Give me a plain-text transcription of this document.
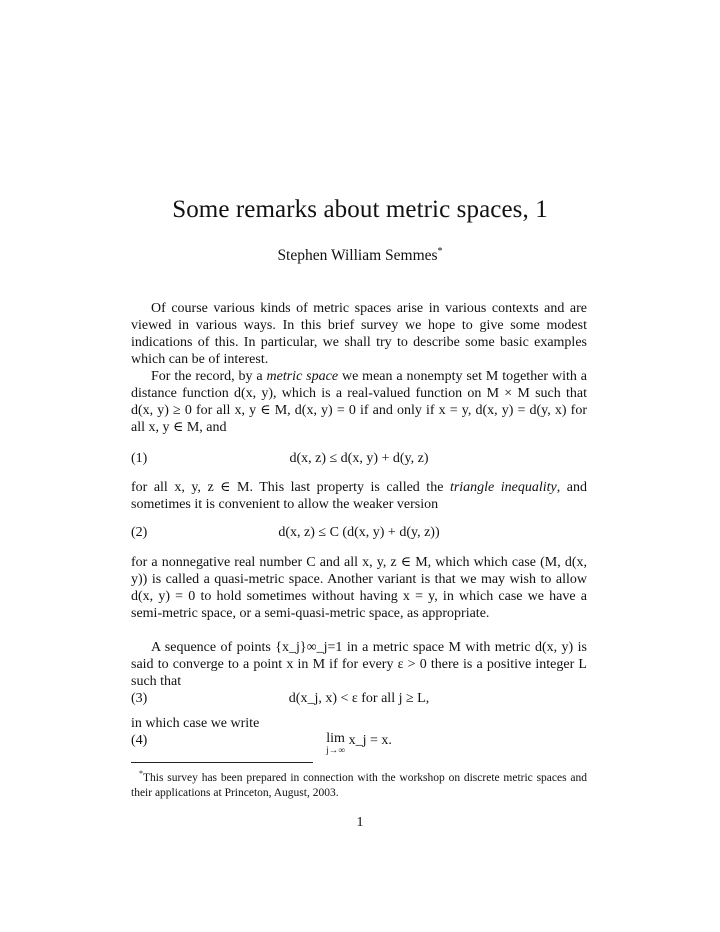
Some remarks about metric spaces, 1
Stephen William Semmes*
Of course various kinds of metric spaces arise in various contexts and are viewed in various ways. In this brief survey we hope to give some modest indications of this. In particular, we shall try to describe some basic examples which can be of interest.
For the record, by a metric space we mean a nonempty set M together with a distance function d(x, y), which is a real-valued function on M × M such that d(x, y) ≥ 0 for all x, y ∈ M, d(x, y) = 0 if and only if x = y, d(x, y) = d(y, x) for all x, y ∈ M, and
(1)	d(x, z) ≤ d(x, y) + d(y, z)
for all x, y, z ∈ M. This last property is called the triangle inequality, and sometimes it is convenient to allow the weaker version
(2)	d(x, z) ≤ C (d(x, y) + d(y, z))
for a nonnegative real number C and all x, y, z ∈ M, which which case (M, d(x, y)) is called a quasi-metric space. Another variant is that we may wish to allow d(x, y) = 0 to hold sometimes without having x = y, in which case we have a semi-metric space, or a semi-quasi-metric space, as appropriate.
A sequence of points {x_j}∞_j=1 in a metric space M with metric d(x, y) is said to converge to a point x in M if for every ε > 0 there is a positive integer L such that
(3)	d(x_j, x) < ε for all j ≥ L,
in which case we write
(4)	lim
j→∞
x_j = x.
*This survey has been prepared in connection with the workshop on discrete metric spaces and their applications at Princeton, August, 2003.
1
